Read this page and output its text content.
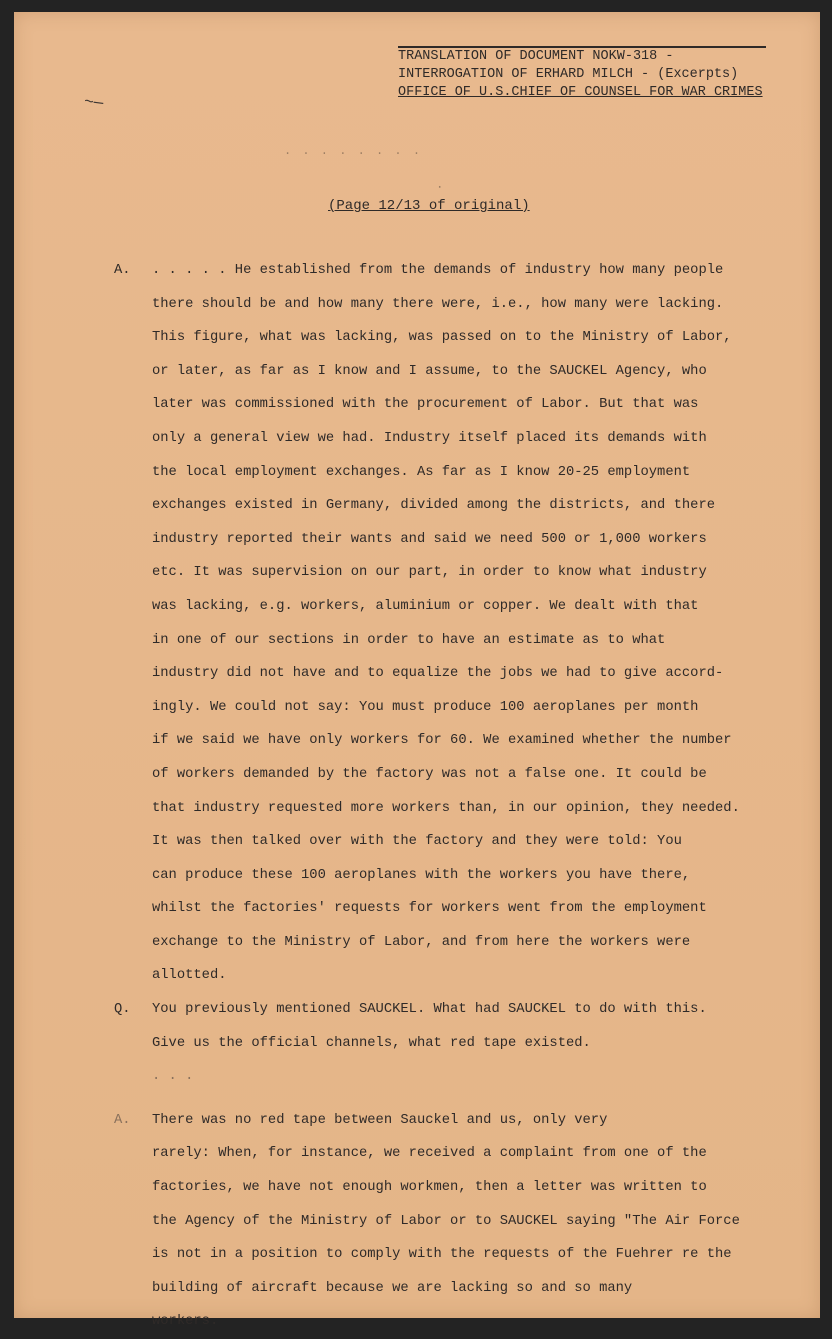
TRANSLATION OF DOCUMENT NOKW-318 -
INTERROGATION OF ERHARD MILCH - (Excerpts)
OFFICE OF U.S.CHIEF OF COUNSEL FOR WAR CRIMES
~─
. . . . . . . .
⋅
(Page 12/13 of original)
A.	. . . . . He established from the demands of industry how many people
there should be and how many there were, i.e., how many were lacking.
This figure, what was lacking, was passed on to the Ministry of Labor,
or later, as far as I know and I assume, to the SAUCKEL Agency, who
later was commissioned with the procurement of Labor. But that was
only a general view we had. Industry itself placed its demands with
the local employment exchanges. As far as I know 20-25 employment
exchanges existed in Germany, divided among the districts, and there
industry reported their wants and said we need 500 or 1,000 workers
etc. It was supervision on our part, in order to know what industry
was lacking, e.g. workers, aluminium or copper. We dealt with that
in one of our sections in order to have an estimate as to what
industry did not have and to equalize the jobs we had to give accord-
ingly. We could not say: You must produce 100 aeroplanes per month
if we said we have only workers for 60. We examined whether the number
of workers demanded by the factory was not a false one. It could be
that industry requested more workers than, in our opinion, they needed.
It was then talked over with the factory and they were told: You
can produce these 100 aeroplanes with the workers you have there,
whilst the factories' requests for workers went from the employment
exchange to the Ministry of Labor, and from here the workers were
allotted.
Q.	You previously mentioned SAUCKEL. What had SAUCKEL to do with this.
Give us the official channels, what red tape existed.
. . .
A.	There was no red tape between Sauckel and us, only very
rarely: When, for instance, we received a complaint from one of the
factories, we have not enough workmen, then a letter was written to
the Agency of the Ministry of Labor or to SAUCKEL saying "The Air Force
is not in a position to comply with the requests of the Fuehrer re the
building of aircraft because we are lacking so and so many
workers.
